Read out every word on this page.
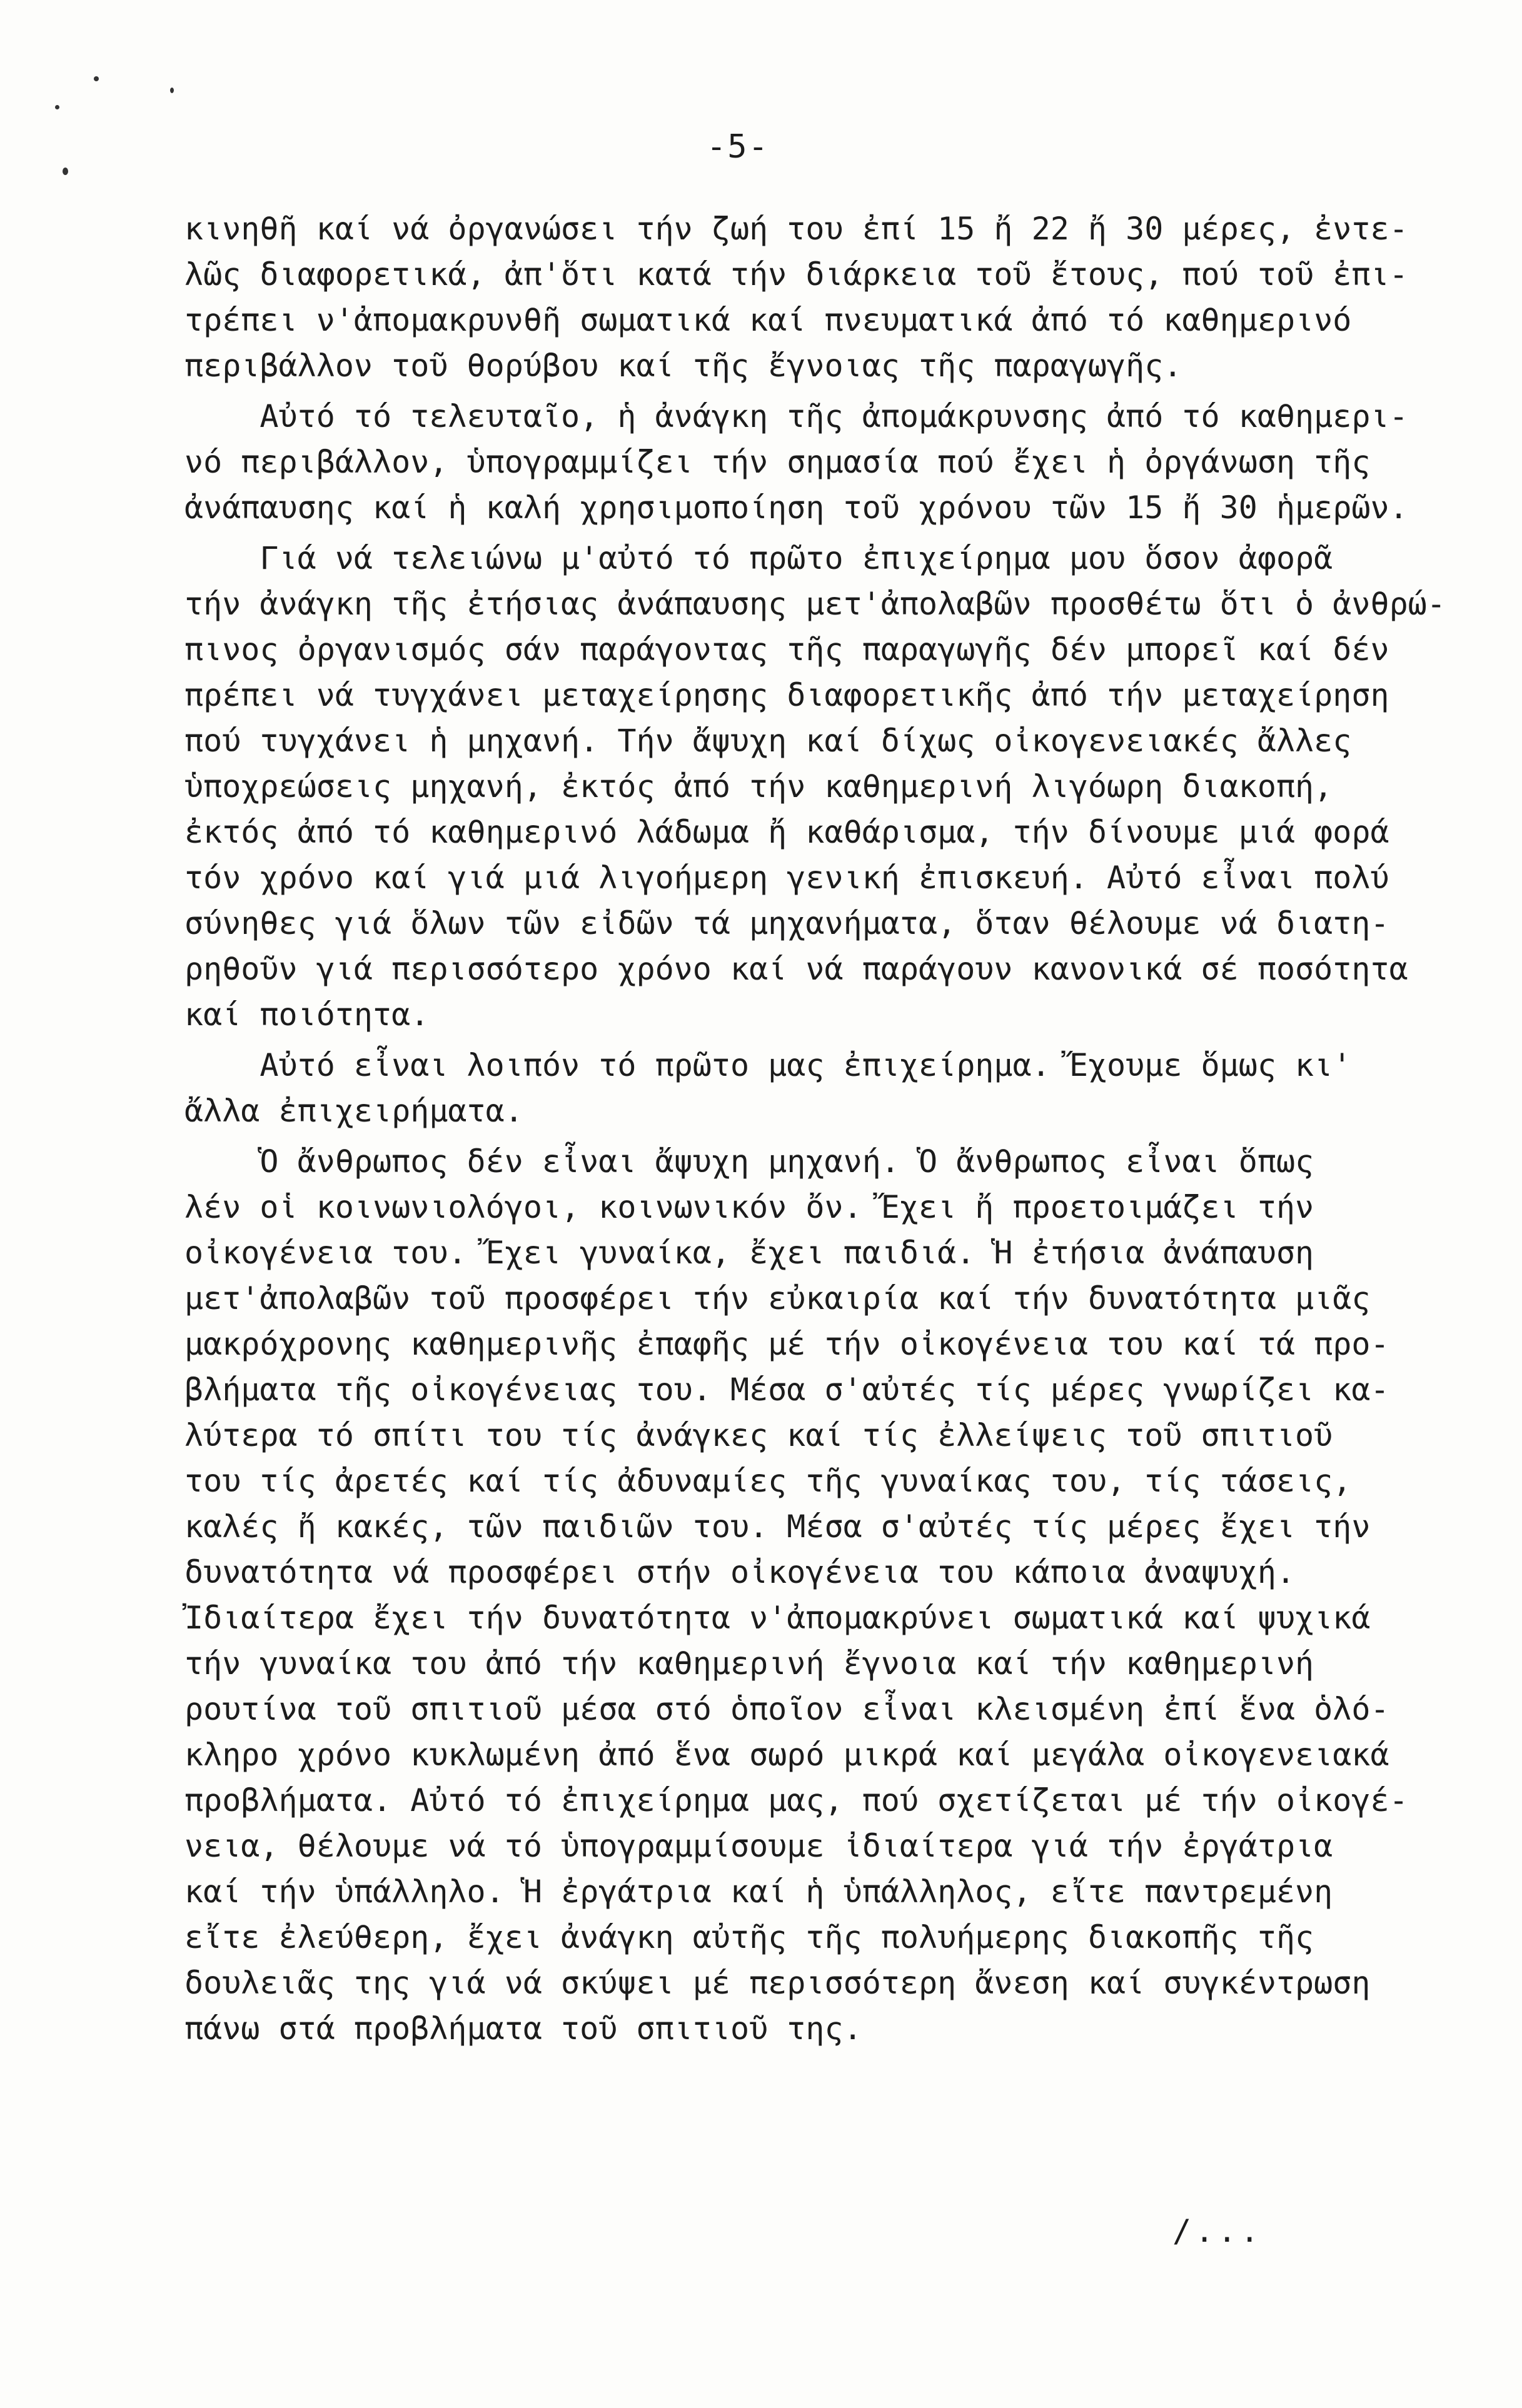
-5-
κινηθῆ καί νά ὀργανώσει τήν ζωή του ἐπί 15 ἤ 22 ἤ 30 μέρες, ἐντε-
λῶς διαφορετικά, ἀπ'ὅτι κατά τήν διάρκεια τοῦ ἔτους, πού τοῦ ἐπι-
τρέπει ν'ἀπομακρυνθῆ σωματικά καί πνευματικά ἀπό τό καθημερινό
περιβάλλον τοῦ θορύβου καί τῆς ἔγνοιας τῆς παραγωγῆς.
Αὐτό τό τελευταῖο, ἡ ἀνάγκη τῆς ἀπομάκρυνσης ἀπό τό καθημερι-
νό περιβάλλον, ὑπογραμμίζει τήν σημασία πού ἔχει ἡ ὀργάνωση τῆς
ἀνάπαυσης καί ἡ καλή χρησιμοποίηση τοῦ χρόνου τῶν 15 ἤ 30 ἡμερῶν.
Γιά νά τελειώνω μ'αὐτό τό πρῶτο ἐπιχείρημα μου ὅσον ἀφορᾶ
τήν ἀνάγκη τῆς ἐτήσιας ἀνάπαυσης μετ'ἀπολαβῶν προσθέτω ὅτι ὁ ἀνθρώ-
πινος ὀργανισμός σάν παράγοντας τῆς παραγωγῆς δέν μπορεῖ καί δέν
πρέπει νά τυγχάνει μεταχείρησης διαφορετικῆς ἀπό τήν μεταχείρηση
πού τυγχάνει ἡ μηχανή. Τήν ἄψυχη καί δίχως οἰκογενειακές ἄλλες
ὑποχρεώσεις μηχανή, ἐκτός ἀπό τήν καθημερινή λιγόωρη διακοπή,
ἐκτός ἀπό τό καθημερινό λάδωμα ἤ καθάρισμα, τήν δίνουμε μιά φορά
τόν χρόνο καί γιά μιά λιγοήμερη γενική ἐπισκευή. Αὐτό εἶναι πολύ
σύνηθες γιά ὅλων τῶν εἰδῶν τά μηχανήματα, ὅταν θέλουμε νά διατη-
ρηθοῦν γιά περισσότερο χρόνο καί νά παράγουν κανονικά σέ ποσότητα
καί ποιότητα.
Αὐτό εἶναι λοιπόν τό πρῶτο μας ἐπιχείρημα. Ἔχουμε ὅμως κι'
ἄλλα ἐπιχειρήματα.
Ὁ ἄνθρωπος δέν εἶναι ἄψυχη μηχανή. Ὁ ἄνθρωπος εἶναι ὅπως
λέν οἱ κοινωνιολόγοι, κοινωνικόν ὄν. Ἔχει ἤ προετοιμάζει τήν
οἰκογένεια του. Ἔχει γυναίκα, ἔχει παιδιά. Ἡ ἐτήσια ἀνάπαυση
μετ'ἀπολαβῶν τοῦ προσφέρει τήν εὐκαιρία καί τήν δυνατότητα μιᾶς
μακρόχρονης καθημερινῆς ἐπαφῆς μέ τήν οἰκογένεια του καί τά προ-
βλήματα τῆς οἰκογένειας του. Μέσα σ'αὐτές τίς μέρες γνωρίζει κα-
λύτερα τό σπίτι του τίς ἀνάγκες καί τίς ἐλλείψεις τοῦ σπιτιοῦ
του τίς ἀρετές καί τίς ἀδυναμίες τῆς γυναίκας του, τίς τάσεις,
καλές ἤ κακές, τῶν παιδιῶν του. Μέσα σ'αὐτές τίς μέρες ἔχει τήν
δυνατότητα νά προσφέρει στήν οἰκογένεια του κάποια ἀναψυχή.
Ἰδιαίτερα ἔχει τήν δυνατότητα ν'ἀπομακρύνει σωματικά καί ψυχικά
τήν γυναίκα του ἀπό τήν καθημερινή ἔγνοια καί τήν καθημερινή
ρουτίνα τοῦ σπιτιοῦ μέσα στό ὁποῖον εἶναι κλεισμένη ἐπί ἕνα ὁλό-
κληρο χρόνο κυκλωμένη ἀπό ἕνα σωρό μικρά καί μεγάλα οἰκογενειακά
προβλήματα. Αὐτό τό ἐπιχείρημα μας, πού σχετίζεται μέ τήν οἰκογέ-
νεια, θέλουμε νά τό ὑπογραμμίσουμε ἰδιαίτερα γιά τήν ἐργάτρια
καί τήν ὑπάλληλο. Ἡ ἐργάτρια καί ἡ ὑπάλληλος, εἴτε παντρεμένη
εἴτε ἐλεύθερη, ἔχει ἀνάγκη αὐτῆς τῆς πολυήμερης διακοπῆς τῆς
δουλειᾶς της γιά νά σκύψει μέ περισσότερη ἄνεση καί συγκέντρωση
πάνω στά προβλήματα τοῦ σπιτιοῦ της.
/...
